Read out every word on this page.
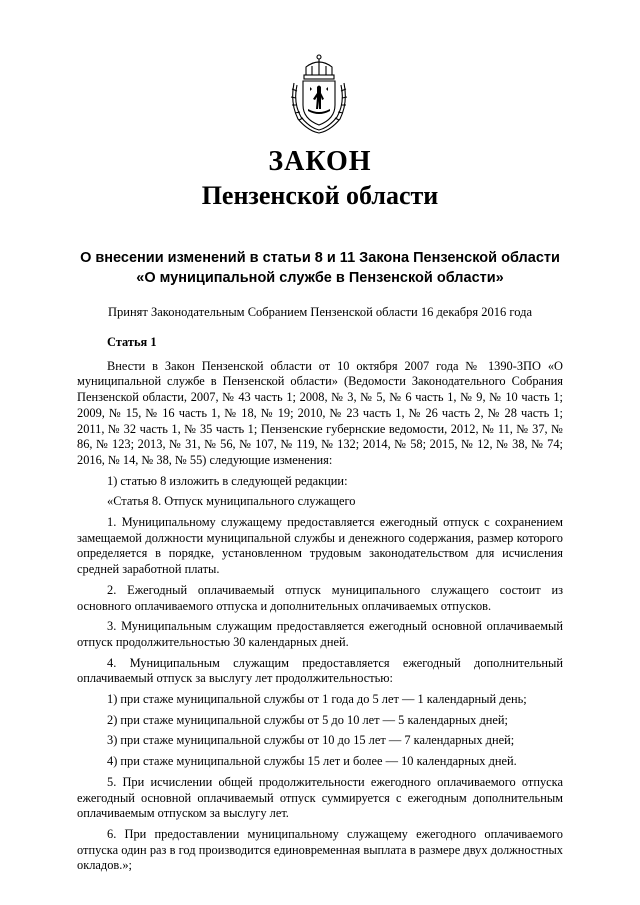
ЗАКОН
Пензенской области
О внесении изменений в статьи 8 и 11 Закона Пензенской области «О муниципальной службе в Пензенской области»
Принят Законодательным Собранием Пензенской области 16 декабря 2016 года

Статья 1

Внести в Закон Пензенской области от 10 октября 2007 года № 1390-ЗПО «О муниципальной службе в Пензенской области» (Ведомости Законодательного Собрания Пензенской области, 2007, № 43 часть 1; 2008, № 3, № 5, № 6 часть 1, № 9, № 10 часть 1; 2009, № 15, № 16 часть 1, № 18, № 19; 2010, № 23 часть 1, № 26 часть 2, № 28 часть 1; 2011, № 32 часть 1, № 35 часть 1; Пензенские губернские ведомости, 2012, № 11, № 37, № 86, № 123; 2013, № 31, № 56, № 107, № 119, № 132; 2014, № 58; 2015, № 12, № 38, № 74; 2016, № 14, № 38, № 55) следующие изменения:

1) статью 8 изложить в следующей редакции:

«Статья 8. Отпуск муниципального служащего

1. Муниципальному служащему предоставляется ежегодный отпуск с сохранением замещаемой должности муниципальной службы и денежного содержания, размер которого определяется в порядке, установленном трудовым законодательством для исчисления средней заработной платы.

2. Ежегодный оплачиваемый отпуск муниципального служащего состоит из основного оплачиваемого отпуска и дополнительных оплачиваемых отпусков.

3. Муниципальным служащим предоставляется ежегодный основной оплачиваемый отпуск продолжительностью 30 календарных дней.

4. Муниципальным служащим предоставляется ежегодный дополнительный оплачиваемый отпуск за выслугу лет продолжительностью:

1) при стаже муниципальной службы от 1 года до 5 лет — 1 календарный день;

2) при стаже муниципальной службы от 5 до 10 лет — 5 календарных дней;

3) при стаже муниципальной службы от 10 до 15 лет — 7 календарных дней;

4) при стаже муниципальной службы 15 лет и более — 10 календарных дней.

5. При исчислении общей продолжительности ежегодного оплачиваемого отпуска ежегодный основной оплачиваемый отпуск суммируется с ежегодным дополнительным оплачиваемым отпуском за выслугу лет.

6. При предоставлении муниципальному служащему ежегодного оплачиваемого отпуска один раз в год производится единовременная выплата в размере двух должностных окладов.»;
